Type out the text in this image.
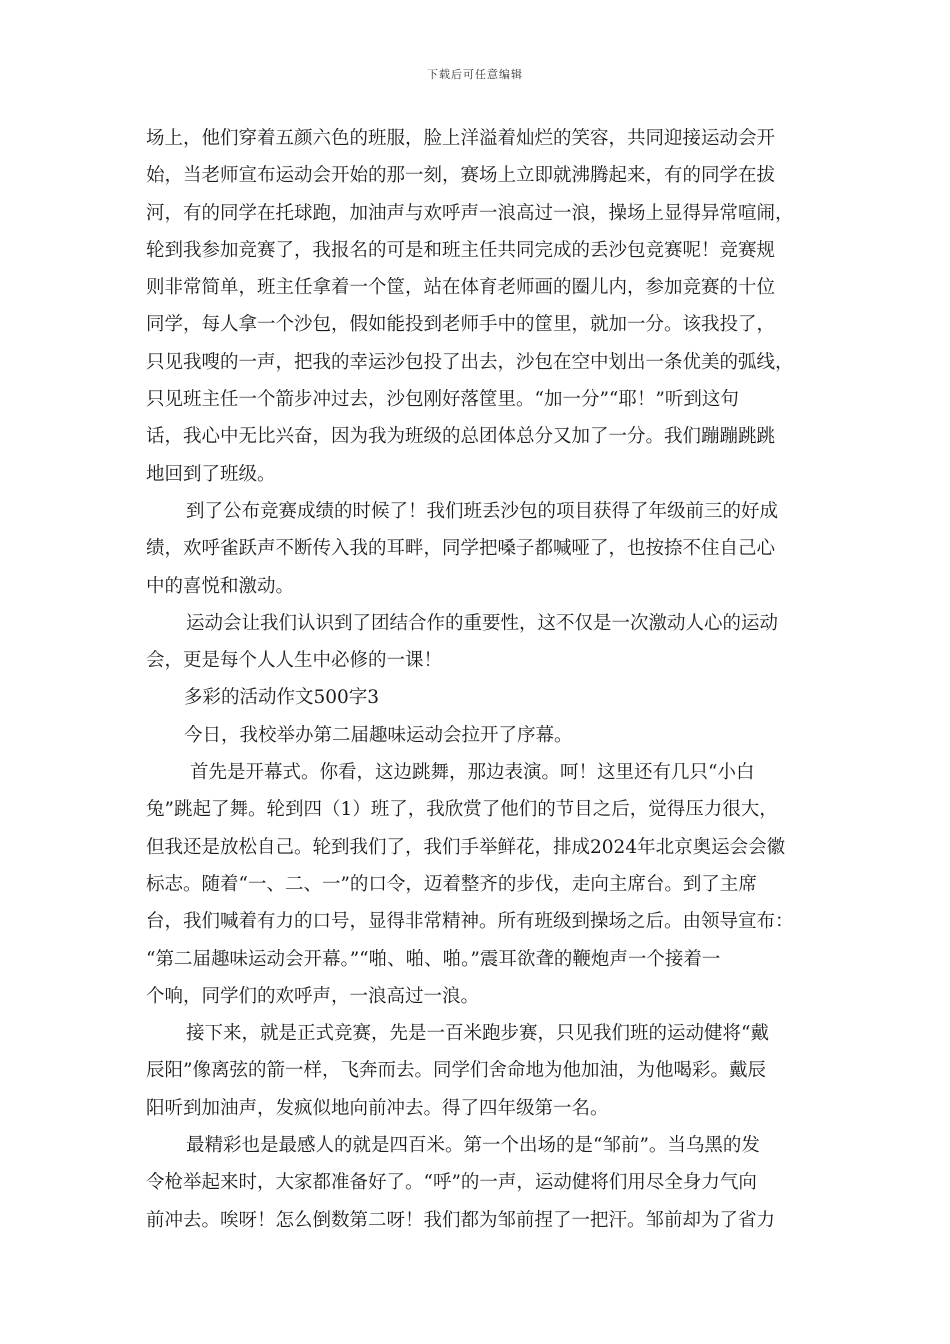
下载后可任意编辑
场上，他们穿着五颜六色的班服，脸上洋溢着灿烂的笑容，共同迎接运动会开
始，当老师宣布运动会开始的那一刻，赛场上立即就沸腾起来，有的同学在拔
河，有的同学在托球跑，加油声与欢呼声一浪高过一浪，操场上显得异常喧闹，
轮到我参加竞赛了，我报名的可是和班主任共同完成的丢沙包竞赛呢！竞赛规
则非常简单，班主任拿着一个筐，站在体育老师画的圈儿内，参加竞赛的十位
同学，每人拿一个沙包，假如能投到老师手中的筐里，就加一分。该我投了，
只见我嗖的一声，把我的幸运沙包投了出去，沙包在空中划出一条优美的弧线，
只见班主任一个箭步冲过去，沙包刚好落筐里。“加一分”“耶！”听到这句
话，我心中无比兴奋，因为我为班级的总团体总分又加了一分。我们蹦蹦跳跳
地回到了班级。
到了公布竞赛成绩的时候了！我们班丢沙包的项目获得了年级前三的好成
绩，欢呼雀跃声不断传入我的耳畔，同学把嗓子都喊哑了，也按捺不住自己心
中的喜悦和激动。
运动会让我们认识到了团结合作的重要性，这不仅是一次激动人心的运动
会，更是每个人人生中必修的一课！
多彩的活动作文500字3
今日，我校举办第二届趣味运动会拉开了序幕。
首先是开幕式。你看，这边跳舞，那边表演。呵！这里还有几只“小白
兔”跳起了舞。轮到四（1）班了，我欣赏了他们的节目之后，觉得压力很大，
但我还是放松自己。轮到我们了，我们手举鲜花，排成2024年北京奥运会会徽
标志。随着“一、二、一”的口令，迈着整齐的步伐，走向主席台。到了主席
台，我们喊着有力的口号，显得非常精神。所有班级到操场之后。由领导宣布：
“第二届趣味运动会开幕。”“啪、啪、啪。”震耳欲聋的鞭炮声一个接着一
个响，同学们的欢呼声，一浪高过一浪。
接下来，就是正式竞赛，先是一百米跑步赛，只见我们班的运动健将“戴
辰阳”像离弦的箭一样，飞奔而去。同学们舍命地为他加油，为他喝彩。戴辰
阳听到加油声，发疯似地向前冲去。得了四年级第一名。
最精彩也是最感人的就是四百米。第一个出场的是“邹前”。当乌黑的发
令枪举起来时，大家都准备好了。“呼”的一声，运动健将们用尽全身力气向
前冲去。唉呀！怎么倒数第二呀！我们都为邹前捏了一把汗。邹前却为了省力
